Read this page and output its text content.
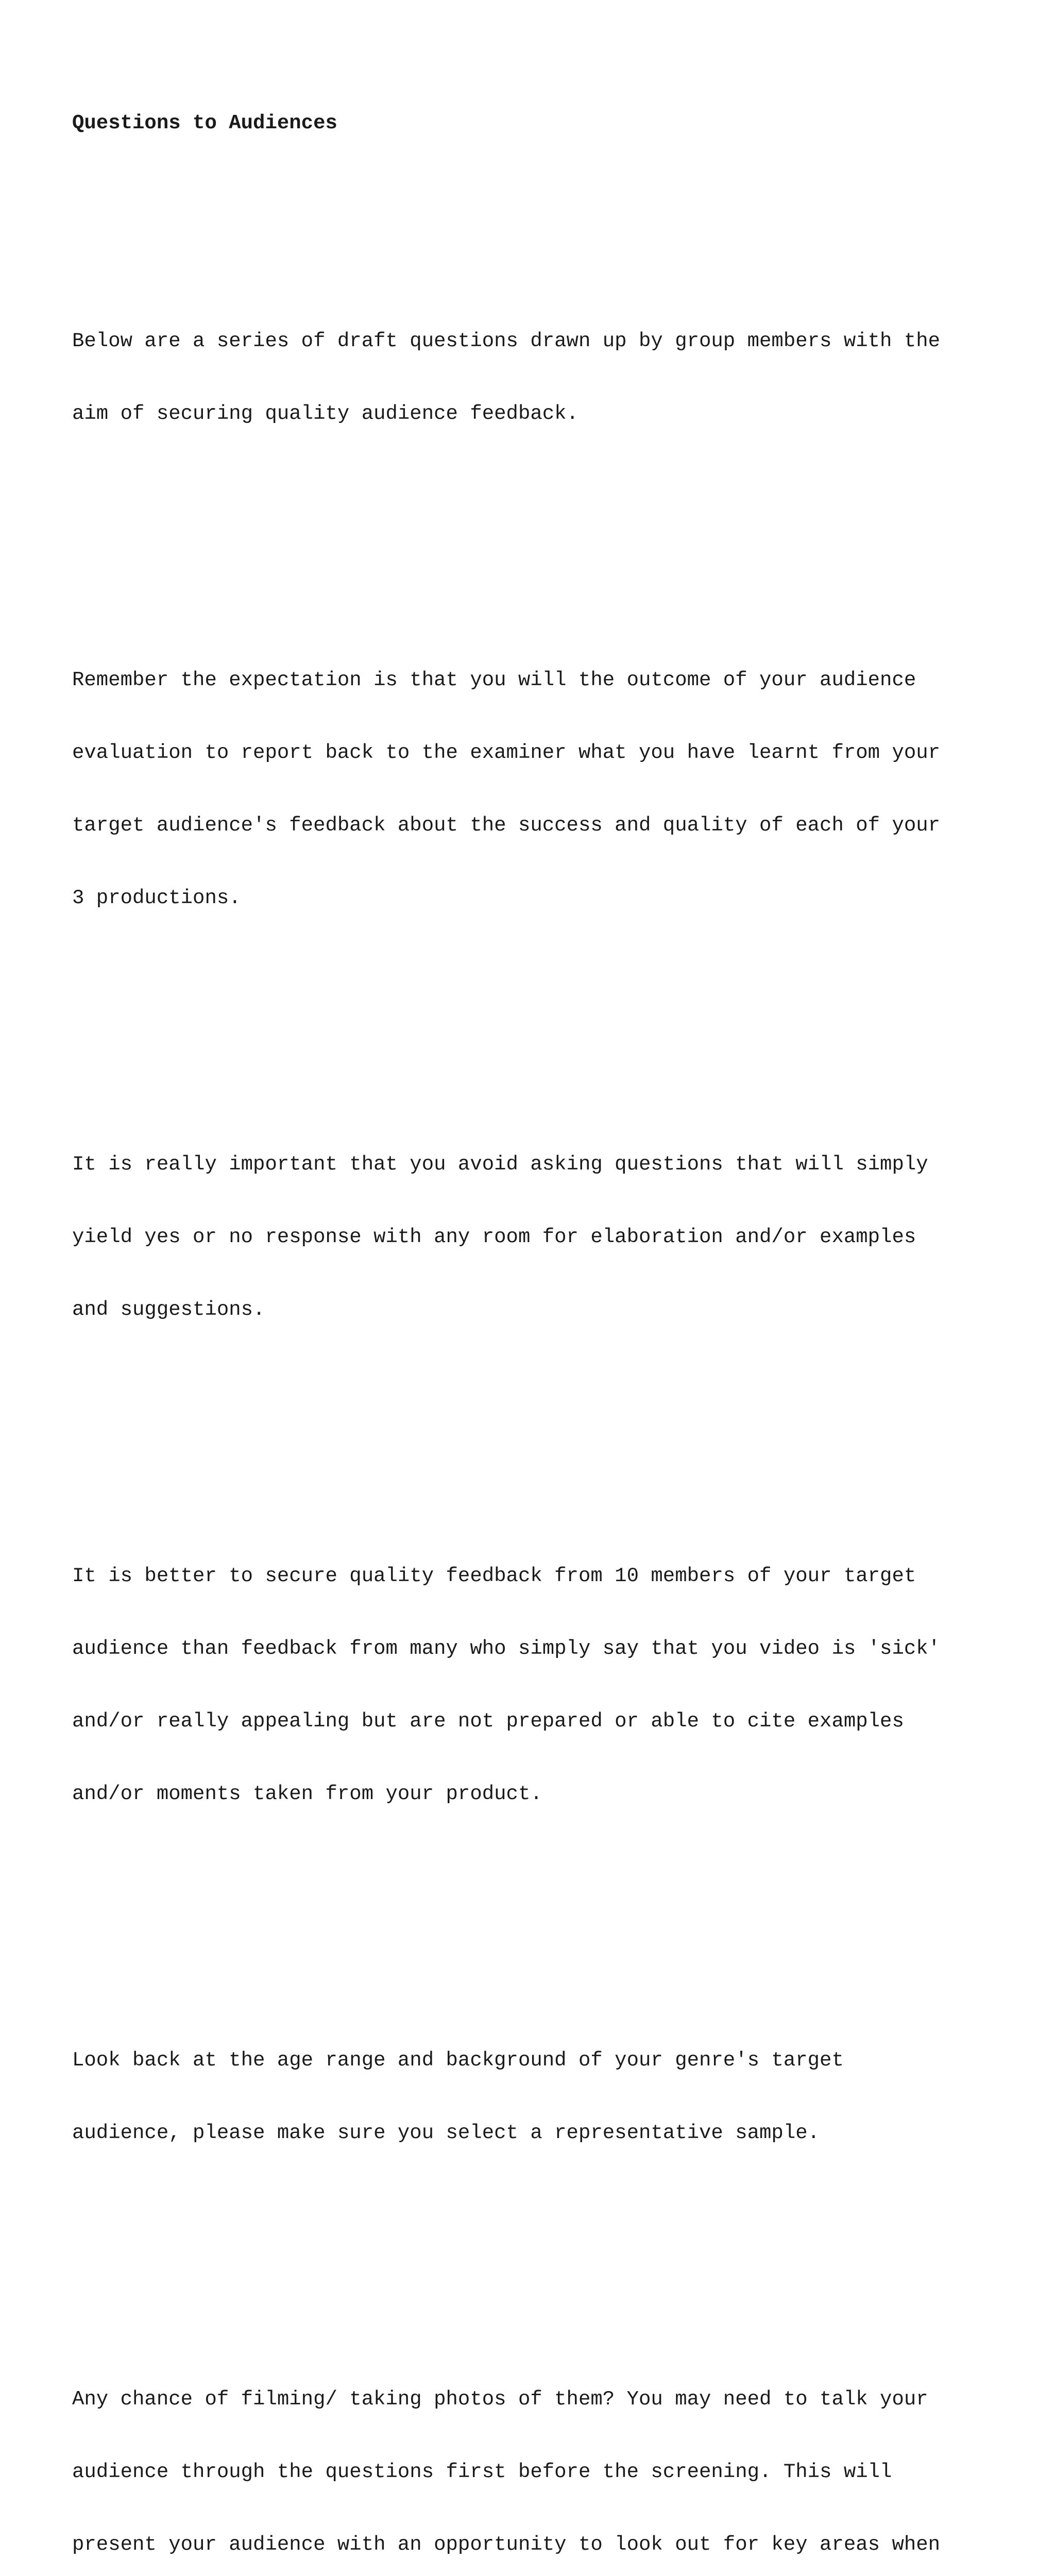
Questions to Audiences

Below are a series of draft questions drawn up by group members with the

aim of securing quality audience feedback.

Remember the expectation is that you will the outcome of your audience

evaluation to report back to the examiner what you have learnt from your

target audience's feedback about the success and quality of each of your

3 productions.

It is really important that you avoid asking questions that will simply

yield yes or no response with any room for elaboration and/or examples

and suggestions.

It is better to secure quality feedback from 10 members of your target

audience than feedback from many who simply say that you video is 'sick'

and/or really appealing but are not prepared or able to cite examples

and/or moments taken from your product.

Look back at the age range and background of your genre's target

audience, please make sure you select a representative sample.

Any chance of filming/ taking photos of them? You may need to talk your

audience through the questions first before the screening. This will

present your audience with an opportunity to look out for key areas when
